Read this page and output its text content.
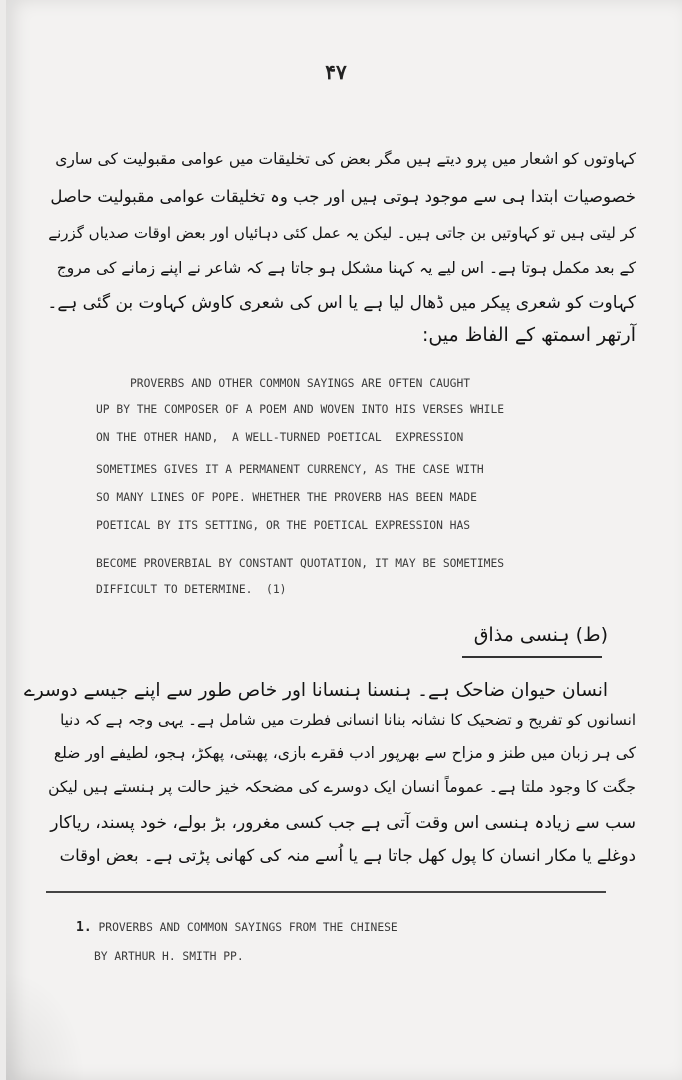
۴۷
کہاوتوں کو اشعار میں پرو دیتے ہیں مگر بعض کی تخلیقات میں عوامی مقبولیت کی ساری
خصوصیات ابتدا ہی سے موجود ہوتی ہیں اور جب وہ تخلیقات عوامی مقبولیت حاصل
کر لیتی ہیں تو کہاوتیں بن جاتی ہیں۔ لیکن یہ عمل کئی دہائیاں اور بعض اوقات صدیاں گزرنے
کے بعد مکمل ہوتا ہے۔ اس لیے یہ کہنا مشکل ہو جاتا ہے کہ شاعر نے اپنے زمانے کی مروج
کہاوت کو شعری پیکر میں ڈھال لیا ہے یا اس کی شعری کاوش کہاوت بن گئی ہے۔
آرتھر اسمتھ کے الفاظ میں:
PROVERBS AND OTHER COMMON SAYINGS ARE OFTEN CAUGHT
UP BY THE COMPOSER OF A POEM AND WOVEN INTO HIS VERSES WHILE
ON THE OTHER HAND,  A WELL-TURNED POETICAL  EXPRESSION
SOMETIMES GIVES IT A PERMANENT CURRENCY, AS THE CASE WITH
SO MANY LINES OF POPE. WHETHER THE PROVERB HAS BEEN MADE
POETICAL BY ITS SETTING, OR THE POETICAL EXPRESSION HAS
BECOME PROVERBIAL BY CONSTANT QUOTATION, IT MAY BE SOMETIMES
DIFFICULT TO DETERMINE.  (1)
(ط) ہنسی مذاق
انسان حیوان ضاحک ہے۔ ہنسنا ہنسانا اور خاص طور سے اپنے جیسے دوسرے
انسانوں کو تفریح و تضحیک کا نشانہ بنانا انسانی فطرت میں شامل ہے۔ یہی وجہ ہے کہ دنیا
کی ہر زبان میں طنز و مزاح سے بھرپور ادب فقرے بازی، پھبتی، پھکڑ، ہجو، لطیفے اور ضلع
جگت کا وجود ملتا ہے۔ عموماً انسان ایک دوسرے کی مضحکہ خیز حالت پر ہنستے ہیں لیکن
سب سے زیادہ ہنسی اس وقت آتی ہے جب کسی مغرور، بڑ بولے، خود پسند، ریاکار
دوغلے یا مکار انسان کا پول کھل جاتا ہے یا اُسے منہ کی کھانی پڑتی ہے۔ بعض اوقات
1. PROVERBS AND COMMON SAYINGS FROM THE CHINESE
BY ARTHUR H. SMITH PP.
